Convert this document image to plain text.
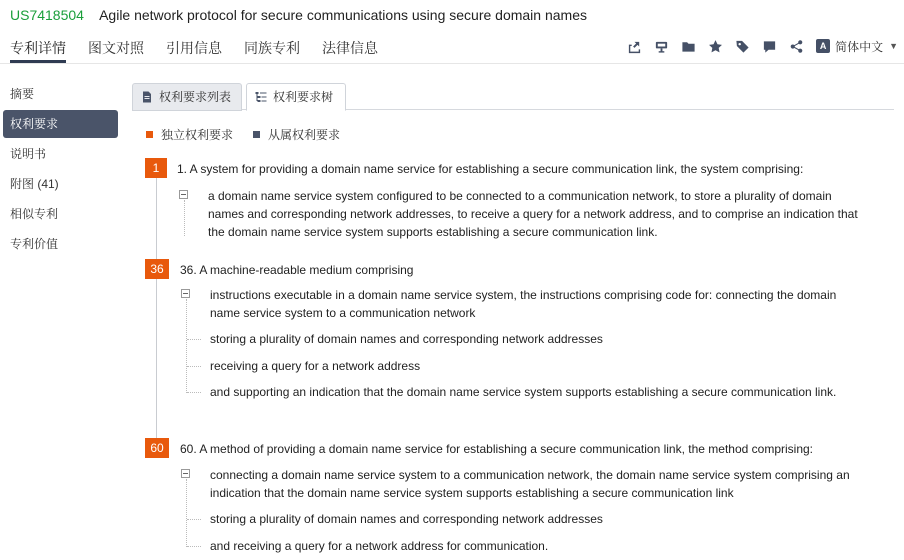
US7418504 Agile network protocol for secure communications using secure domain names
专利详情 图文对照 引用信息 同族专利 法律信息	A 简体中文 ▼
摘要
权利要求
说明书
附图 (41)
相似专利
专利价值
权利要求列表	权利要求树
独立权利要求	从属权利要求
1	1. A system for providing a domain name service for establishing a secure communication link, the system comprising:
a domain name service system configured to be connected to a communication network, to store a plurality of domain names and corresponding network addresses, to receive a query for a network address, and to comprise an indication that the domain name service system supports establishing a secure communication link.
36	36. A machine-readable medium comprising
instructions executable in a domain name service system, the instructions comprising code for: connecting the domain name service system to a communication network
storing a plurality of domain names and corresponding network addresses
receiving a query for a network address
and supporting an indication that the domain name service system supports establishing a secure communication link.
60	60. A method of providing a domain name service for establishing a secure communication link, the method comprising:
connecting a domain name service system to a communication network, the domain name service system comprising an indication that the domain name service system supports establishing a secure communication link
storing a plurality of domain names and corresponding network addresses
and receiving a query for a network address for communication.
